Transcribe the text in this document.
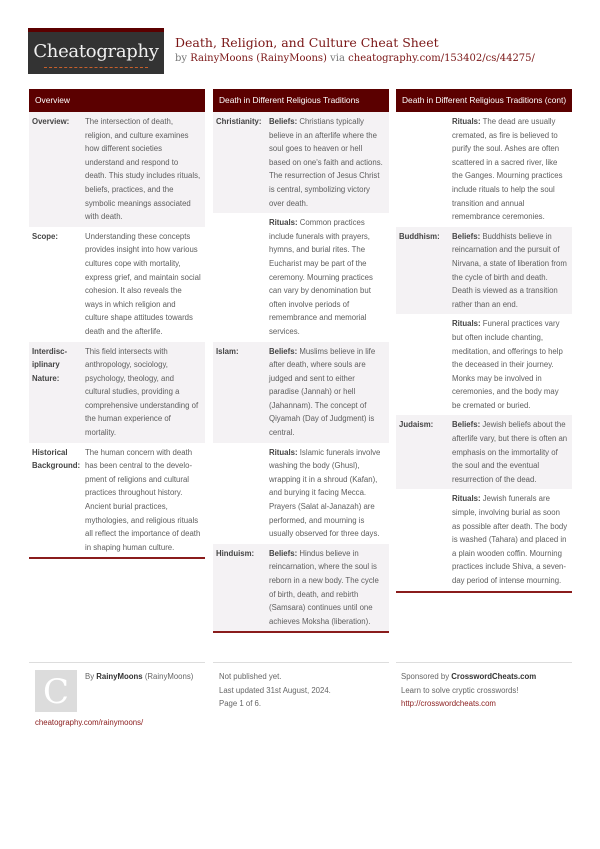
Cheatography	Death, Religion, and Culture Cheat Sheet
by RainyMoons (RainyMoons) via cheatography.com/153402/cs/44275/
Overview
Overview:	The intersection of death, religion, and culture examines how different societies understand and respond to death. This study includes rituals, beliefs, practices, and the symbolic meanings associated with death.
Scope:	Understanding these concepts provides insight into how various cultures cope with mortality, express grief, and maintain social cohesion. It also reveals the ways in which religion and culture shape attitudes towards death and the afterlife.
Interdisciplinary Nature:
This field intersects with anthropology, sociology, psychology, theology, and cultural studies, providing a comprehensive understanding of the human experience of mortality.
Historical Background:
The human concern with death has been central to the development of religions and cultural practices throughout history. Ancient burial practices, mythologies, and religious rituals all reflect the importance of death in shaping human culture.
Death in Different Religious Traditions
Christianity: Beliefs: Christians typically believe in an afterlife where the soul goes to heaven or hell based on one's faith and actions. The resurrection of Jesus Christ is central, symbolizing victory over death.
Rituals: Common practices include funerals with prayers, hymns, and burial rites. The Eucharist may be part of the ceremony. Mourning practices can vary by denomination but often involve periods of remembrance and memorial services.
Islam:	Beliefs: Muslims believe in life after death, where souls are judged and sent to either paradise (Jannah) or hell (Jahannam). The concept of Qiyamah (Day of Judgment) is central.
Rituals: Islamic funerals involve washing the body (Ghusl), wrapping it in a shroud (Kafan), and burying it facing Mecca. Prayers (Salat al-Janazah) are performed, and mourning is usually observed for three days.
Hinduism:	Beliefs: Hindus believe in reincarnation, where the soul is reborn in a new body. The cycle of birth, death, and rebirth (Samsara) continues until one achieves Moksha (liberation).
Death in Different Religious Traditions (cont)
Rituals: The dead are usually cremated, as fire is believed to purify the soul. Ashes are often scattered in a sacred river, like the Ganges. Mourning practices include rituals to help the soul transition and annual remembrance ceremonies.
Buddhism:	Beliefs: Buddhists believe in reincarnation and the pursuit of Nirvana, a state of liberation from the cycle of birth and death. Death is viewed as a transition rather than an end.
Rituals: Funeral practices vary but often include chanting, meditation, and offerings to help the deceased in their journey. Monks may be involved in ceremonies, and the body may be cremated or buried.
Judaism:	Beliefs: Jewish beliefs about the afterlife vary, but there is often an emphasis on the immortality of the soul and the eventual resurrection of the dead.
Rituals: Jewish funerals are simple, involving burial as soon as possible after death. The body is washed (Tahara) and placed in a plain wooden coffin. Mourning practices include Shiva, a seven-day period of intense mourning.
C	By RainyMoons (RainyMoons)
cheatography.com/rainymoons/
Not published yet.
Last updated 31st August, 2024.
Page 1 of 6.
Sponsored by CrosswordCheats.com
Learn to solve cryptic crosswords!
http://crosswordcheats.com
